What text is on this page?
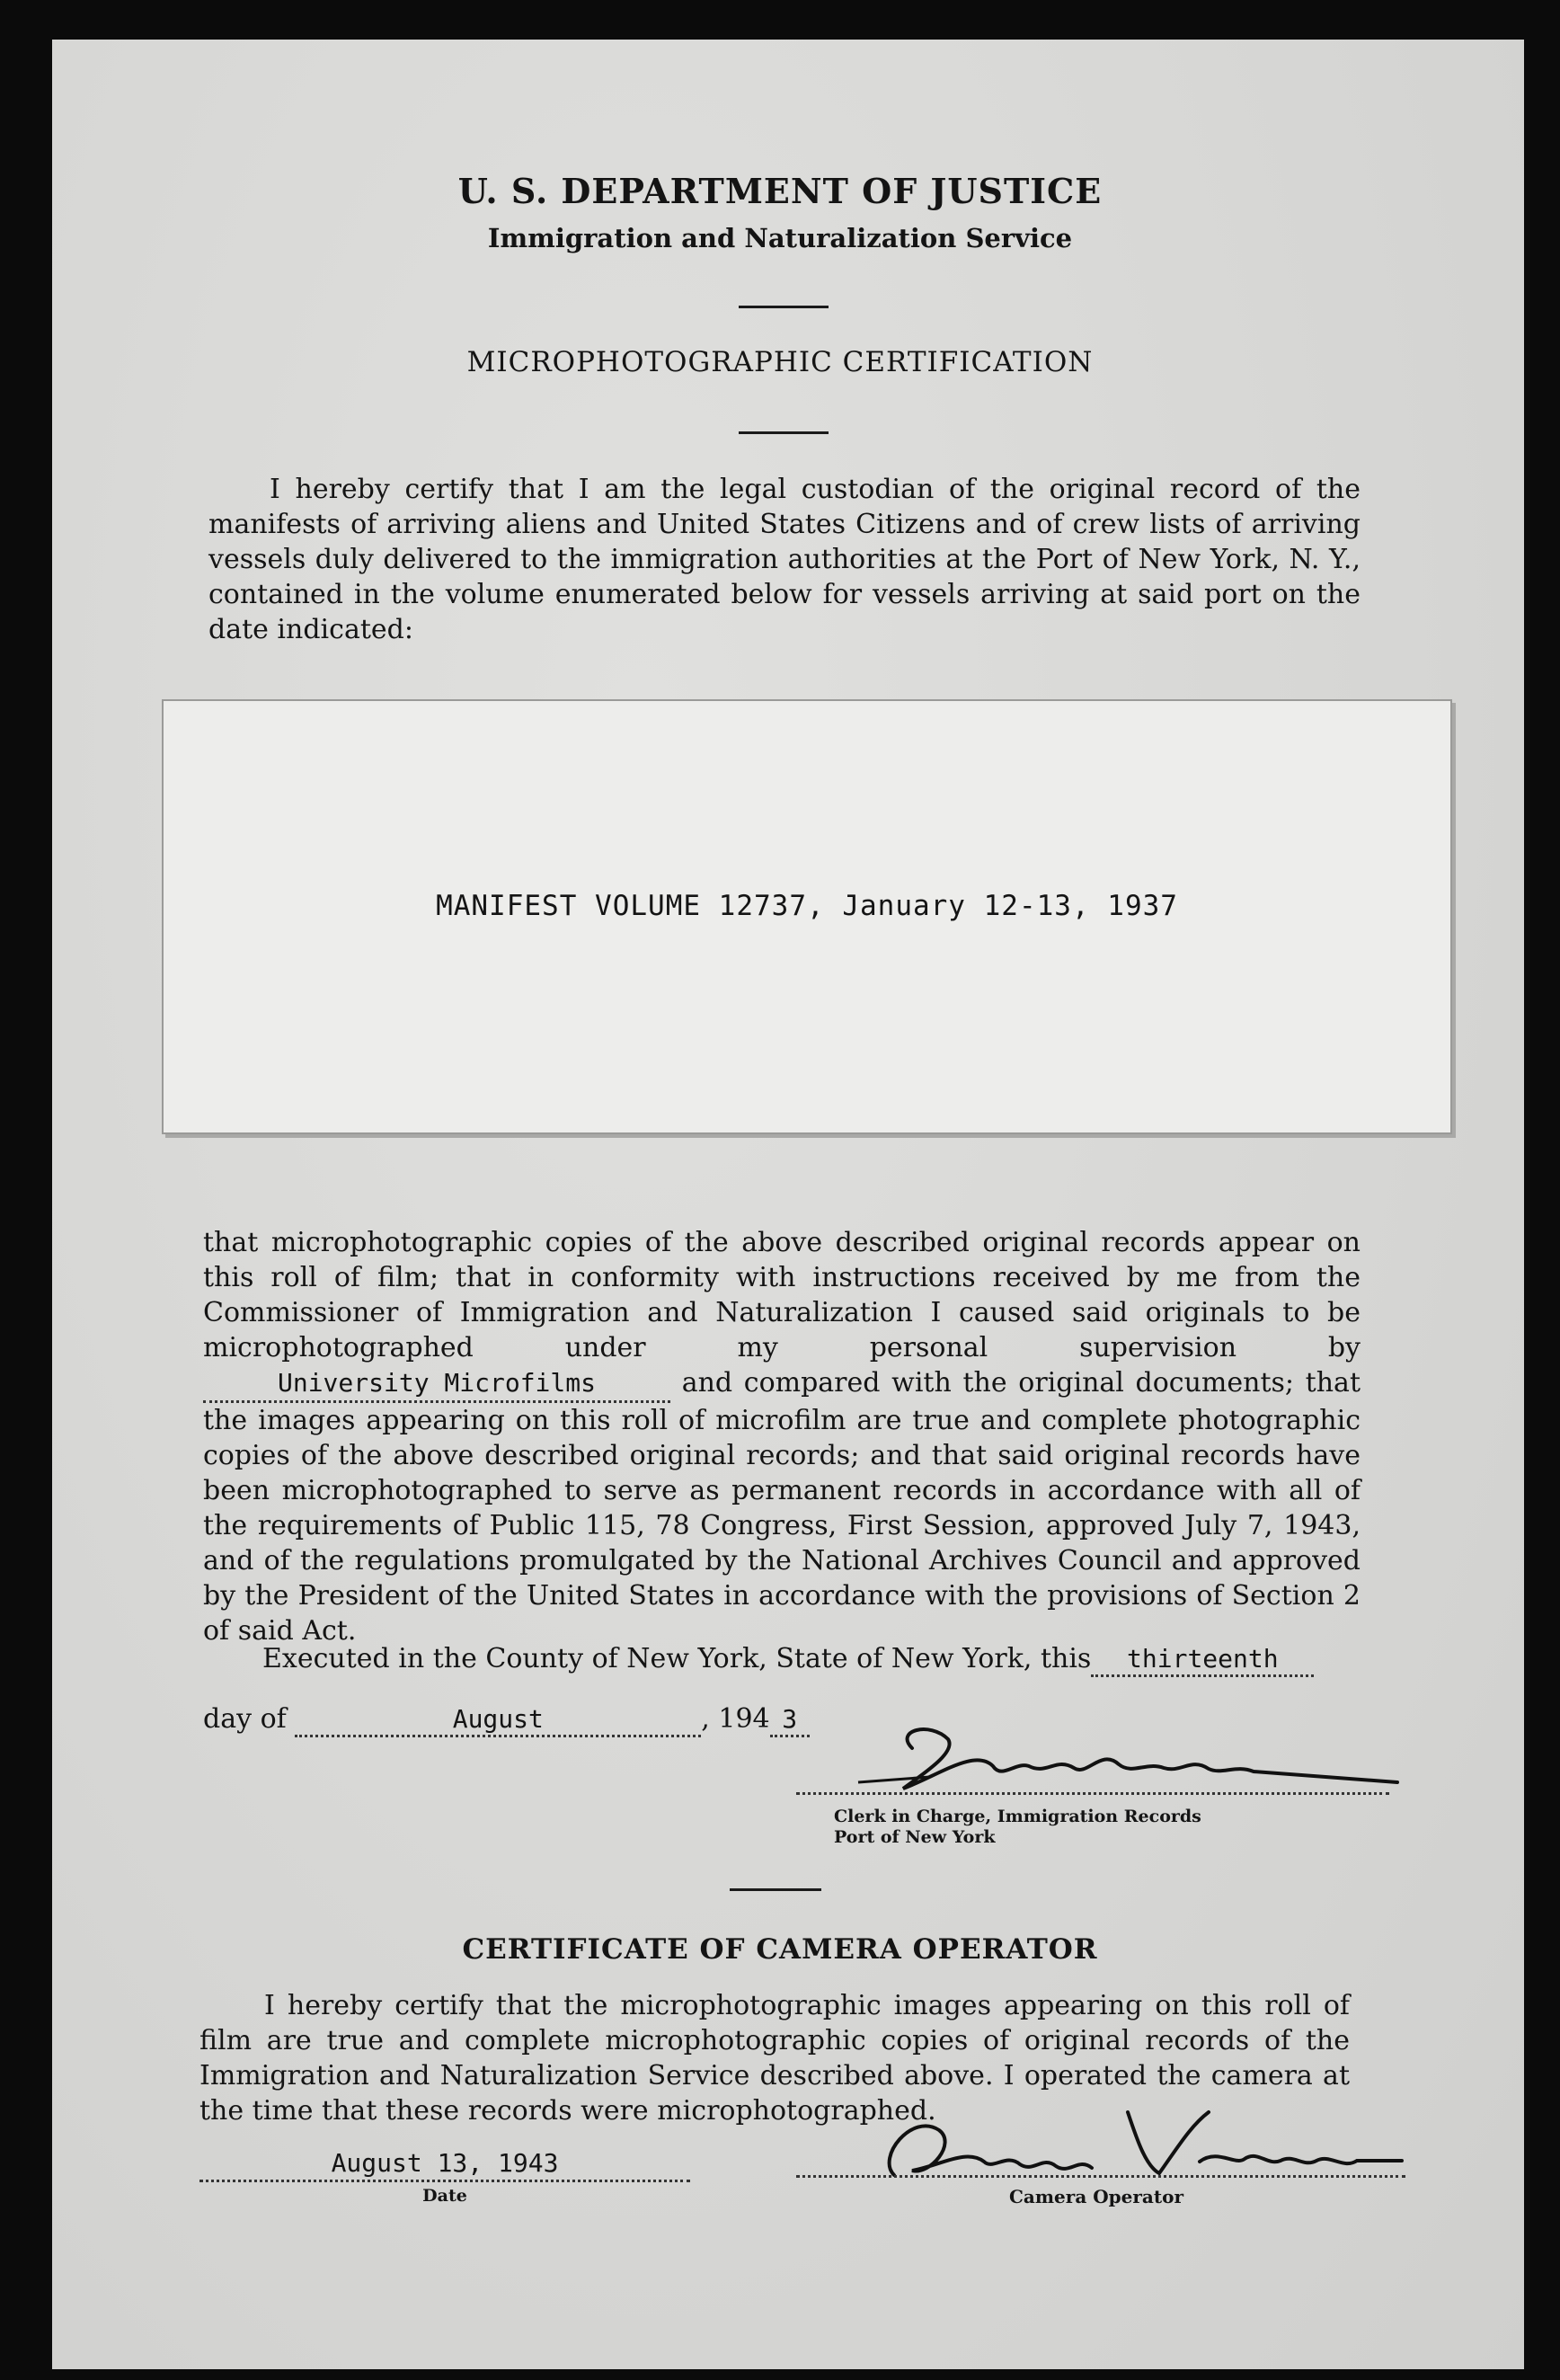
U. S. DEPARTMENT OF JUSTICE
Immigration and Naturalization Service
MICROPHOTOGRAPHIC CERTIFICATION

I hereby certify that I am the legal custodian of the original record of the manifests of arriving aliens and United States Citizens and of crew lists of arriving vessels duly delivered to the immigration authorities at the Port of New York, N. Y., contained in the volume enumerated below for vessels arriving at said port on the date indicated:

MANIFEST VOLUME 12737, January 12-13, 1937

that microphotographic copies of the above described original records appear on this roll of film; that in conformity with instructions received by me from the Commissioner of Immigration and Naturalization I caused said originals to be microphotographed under my personal supervision by University Microfilms	and compared with the original documents; that the images appearing on this roll of microfilm are true and complete photographic copies of the above described original records; and that said original records have been microphotographed to serve as permanent records in accordance with all of the requirements of Public 115, 78 Congress, First Session, approved July 7, 1943, and of the regulations promulgated by the National Archives Council and approved by the President of the United States in accordance with the provisions of Section 2 of said Act.

Executed in the County of New York, State of New York, this thirteenth
day of	August	, 194 3
Clerk in Charge, Immigration Records
Port of New York
CERTIFICATE OF CAMERA OPERATOR

I hereby certify that the microphotographic images appearing on this roll of film are true and complete microphotographic copies of original records of the Immigration and Naturalization Service described above. I operated the camera at the time that these records were microphotographed.

August 13, 1943
Date	Camera Operator
